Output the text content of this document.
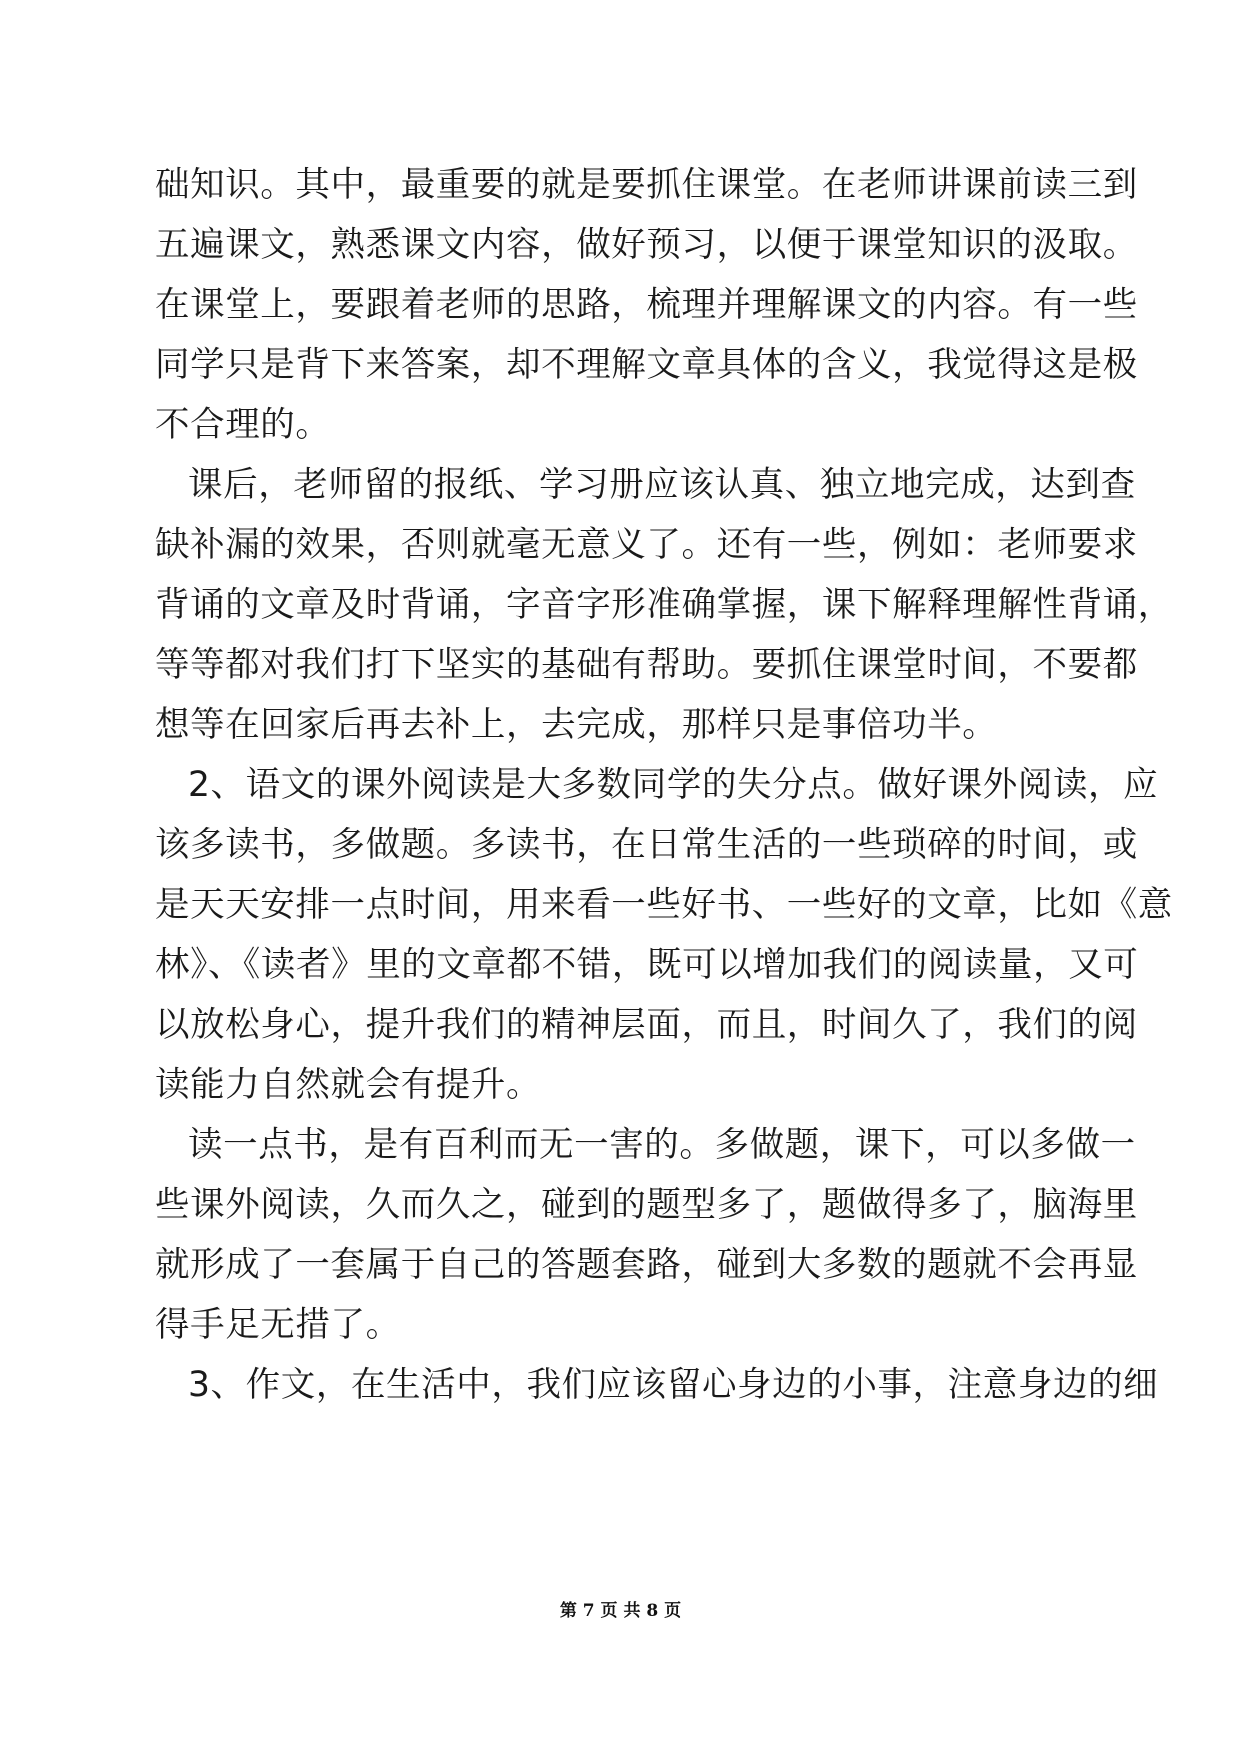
础知识。其中，最重要的就是要抓住课堂。在老师讲课前读三到
五遍课文，熟悉课文内容，做好预习，以便于课堂知识的汲取。
在课堂上，要跟着老师的思路，梳理并理解课文的内容。有一些
同学只是背下来答案，却不理解文章具体的含义，我觉得这是极
不合理的。
课后，老师留的报纸、学习册应该认真、独立地完成，达到查
缺补漏的效果，否则就毫无意义了。还有一些，例如：老师要求
背诵的文章及时背诵，字音字形准确掌握，课下解释理解性背诵，
等等都对我们打下坚实的基础有帮助。要抓住课堂时间，不要都
想等在回家后再去补上，去完成，那样只是事倍功半。
2、语文的课外阅读是大多数同学的失分点。做好课外阅读，应
该多读书，多做题。多读书，在日常生活的一些琐碎的时间，或
是天天安排一点时间，用来看一些好书、一些好的文章，比如《意
林》、《读者》里的文章都不错，既可以增加我们的阅读量，又可
以放松身心，提升我们的精神层面，而且，时间久了，我们的阅
读能力自然就会有提升。
读一点书，是有百利而无一害的。多做题，课下，可以多做一
些课外阅读，久而久之，碰到的题型多了，题做得多了，脑海里
就形成了一套属于自己的答题套路，碰到大多数的题就不会再显
得手足无措了。
3、作文，在生活中，我们应该留心身边的小事，注意身边的细
第 7 页 共 8 页
